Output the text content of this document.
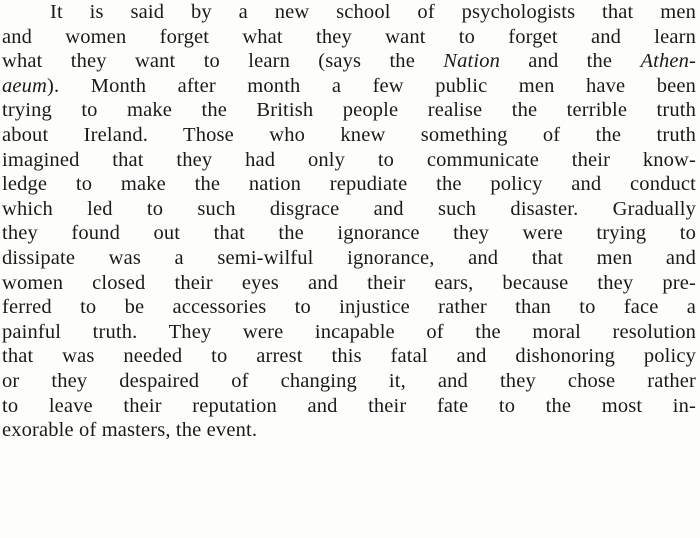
It is said by a new school of psychologists that men
and women forget what they want to forget and learn
what they want to learn (says the Nation and the Athen-
aeum). Month after month a few public men have been
trying to make the British people realise the terrible truth
about Ireland. Those who knew something of the truth
imagined that they had only to communicate their know-
ledge to make the nation repudiate the policy and conduct
which led to such disgrace and such disaster. Gradually
they found out that the ignorance they were trying to
dissipate was a semi-wilful ignorance, and that men and
women closed their eyes and their ears, because they pre-
ferred to be accessories to injustice rather than to face a
painful truth. They were incapable of the moral resolution
that was needed to arrest this fatal and dishonoring policy
or they despaired of changing it, and they chose rather
to leave their reputation and their fate to the most in-
exorable of masters, the event.
